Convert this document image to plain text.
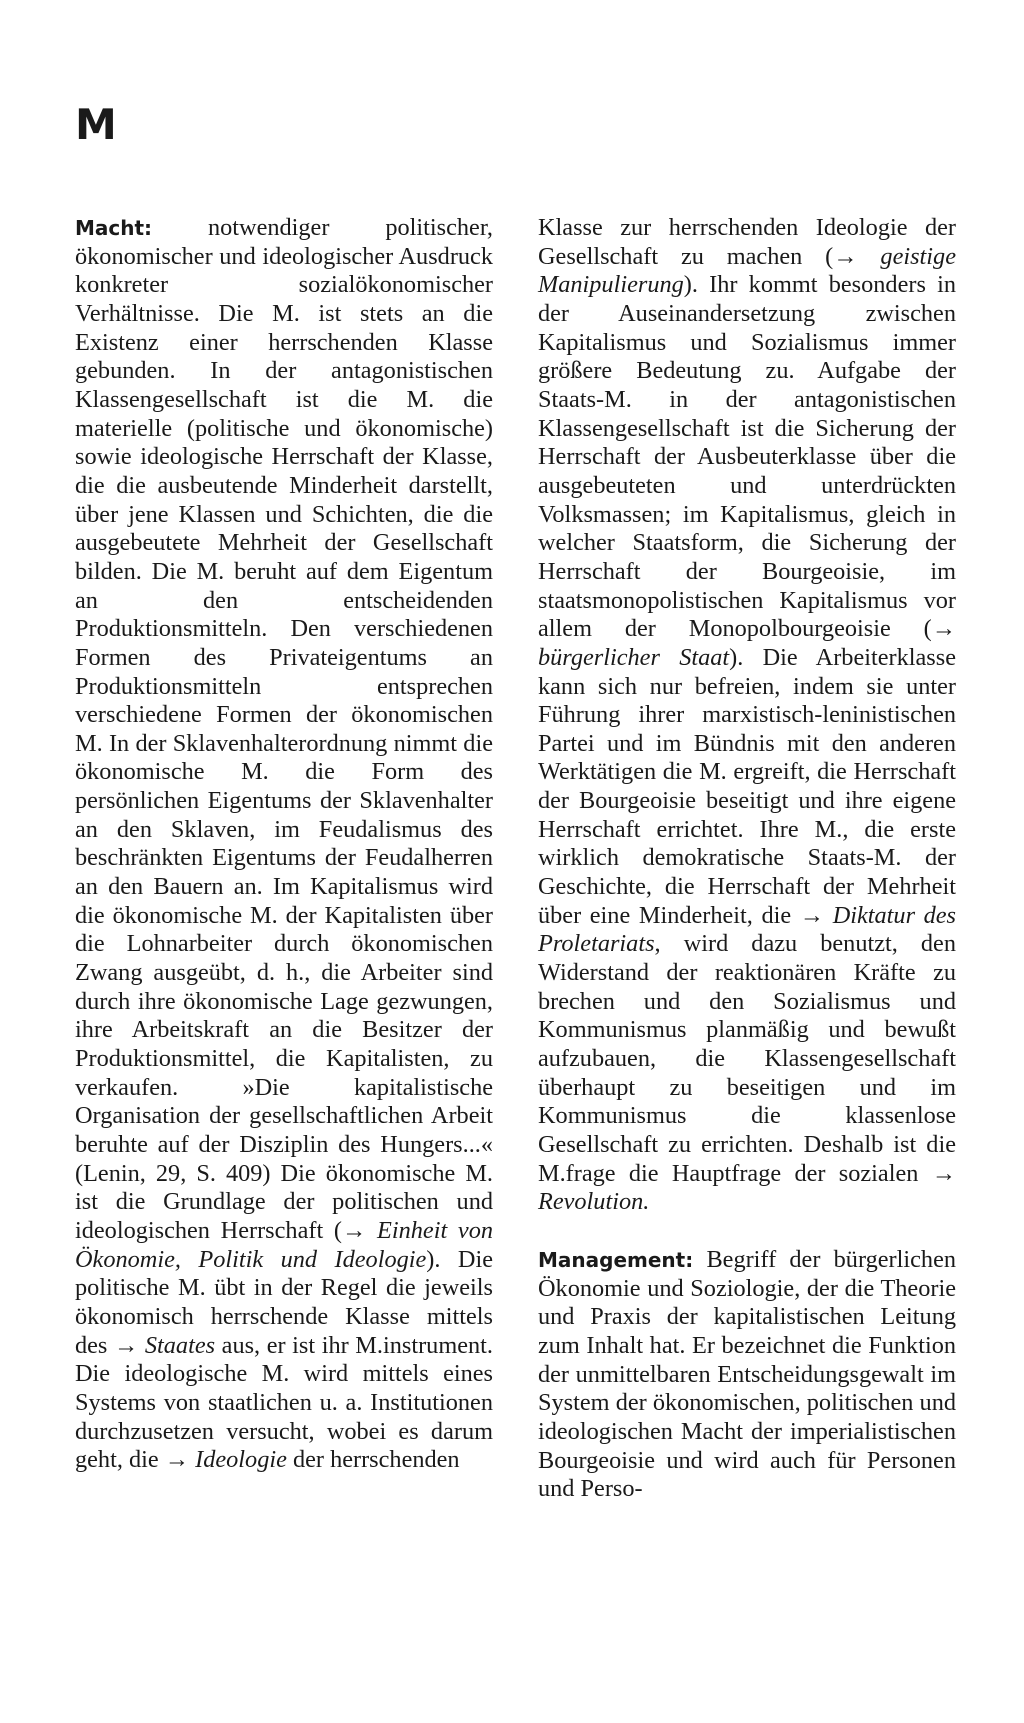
M

Macht: notwendiger politischer, ökonomischer und ideologischer Ausdruck konkreter sozialökonomischer Verhältnisse. Die M. ist stets an die Existenz einer herrschenden Klasse gebunden. In der antagonistischen Klassengesellschaft ist die M. die materielle (politische und ökonomische) sowie ideologische Herrschaft der Klasse, die die ausbeutende Minderheit darstellt, über jene Klassen und Schichten, die die ausgebeutete Mehrheit der Gesellschaft bilden. Die M. beruht auf dem Eigentum an den entscheidenden Produktionsmitteln. Den verschiedenen Formen des Privateigentums an Produktionsmitteln entsprechen verschiedene Formen der ökonomischen M. In der Sklavenhalterordnung nimmt die ökonomische M. die Form des persönlichen Eigentums der Sklavenhalter an den Sklaven, im Feudalismus des beschränkten Eigentums der Feudalherren an den Bauern an. Im Kapitalismus wird die ökonomische M. der Kapitalisten über die Lohnarbeiter durch ökonomischen Zwang ausgeübt, d. h., die Arbeiter sind durch ihre ökonomische Lage gezwungen, ihre Arbeitskraft an die Besitzer der Produktionsmittel, die Kapitalisten, zu verkaufen. »Die kapitalistische Organisation der gesellschaftlichen Arbeit beruhte auf der Disziplin des Hungers...« (Lenin, 29, S. 409) Die ökonomische M. ist die Grundlage der politischen und ideologischen Herrschaft (→ Einheit von Ökonomie, Politik und Ideologie). Die politische M. übt in der Regel die jeweils ökonomisch herrschende Klasse mittels des → Staates aus, er ist ihr M.instrument. Die ideologische M. wird mittels eines Systems von staatlichen u. a. Institutionen durchzusetzen versucht, wobei es darum geht, die → Ideologie der herrschenden

Klasse zur herrschenden Ideologie der Gesellschaft zu machen (→ geistige Manipulierung). Ihr kommt besonders in der Auseinandersetzung zwischen Kapitalismus und Sozialismus immer größere Bedeutung zu. Aufgabe der Staats-M. in der antagonistischen Klassengesellschaft ist die Sicherung der Herrschaft der Ausbeuterklasse über die ausgebeuteten und unterdrückten Volksmassen; im Kapitalismus, gleich in welcher Staatsform, die Sicherung der Herrschaft der Bourgeoisie, im staatsmonopolistischen Kapitalismus vor allem der Monopolbourgeoisie (→ bürgerlicher Staat). Die Arbeiterklasse kann sich nur befreien, indem sie unter Führung ihrer marxistisch-leninistischen Partei und im Bündnis mit den anderen Werktätigen die M. ergreift, die Herrschaft der Bourgeoisie beseitigt und ihre eigene Herrschaft errichtet. Ihre M., die erste wirklich demokratische Staats-M. der Geschichte, die Herrschaft der Mehrheit über eine Minderheit, die → Diktatur des Proletariats, wird dazu benutzt, den Widerstand der reaktionären Kräfte zu brechen und den Sozialismus und Kommunismus planmäßig und bewußt aufzubauen, die Klassengesellschaft überhaupt zu beseitigen und im Kommunismus die klassenlose Gesellschaft zu errichten. Deshalb ist die M.frage die Hauptfrage der sozialen → Revolution.

Management: Begriff der bürgerlichen Ökonomie und Soziologie, der die Theorie und Praxis der kapitalistischen Leitung zum Inhalt hat. Er bezeichnet die Funktion der unmittelbaren Entscheidungsgewalt im System der ökonomischen, politischen und ideologischen Macht der imperialistischen Bourgeoisie und wird auch für Personen und Perso-
